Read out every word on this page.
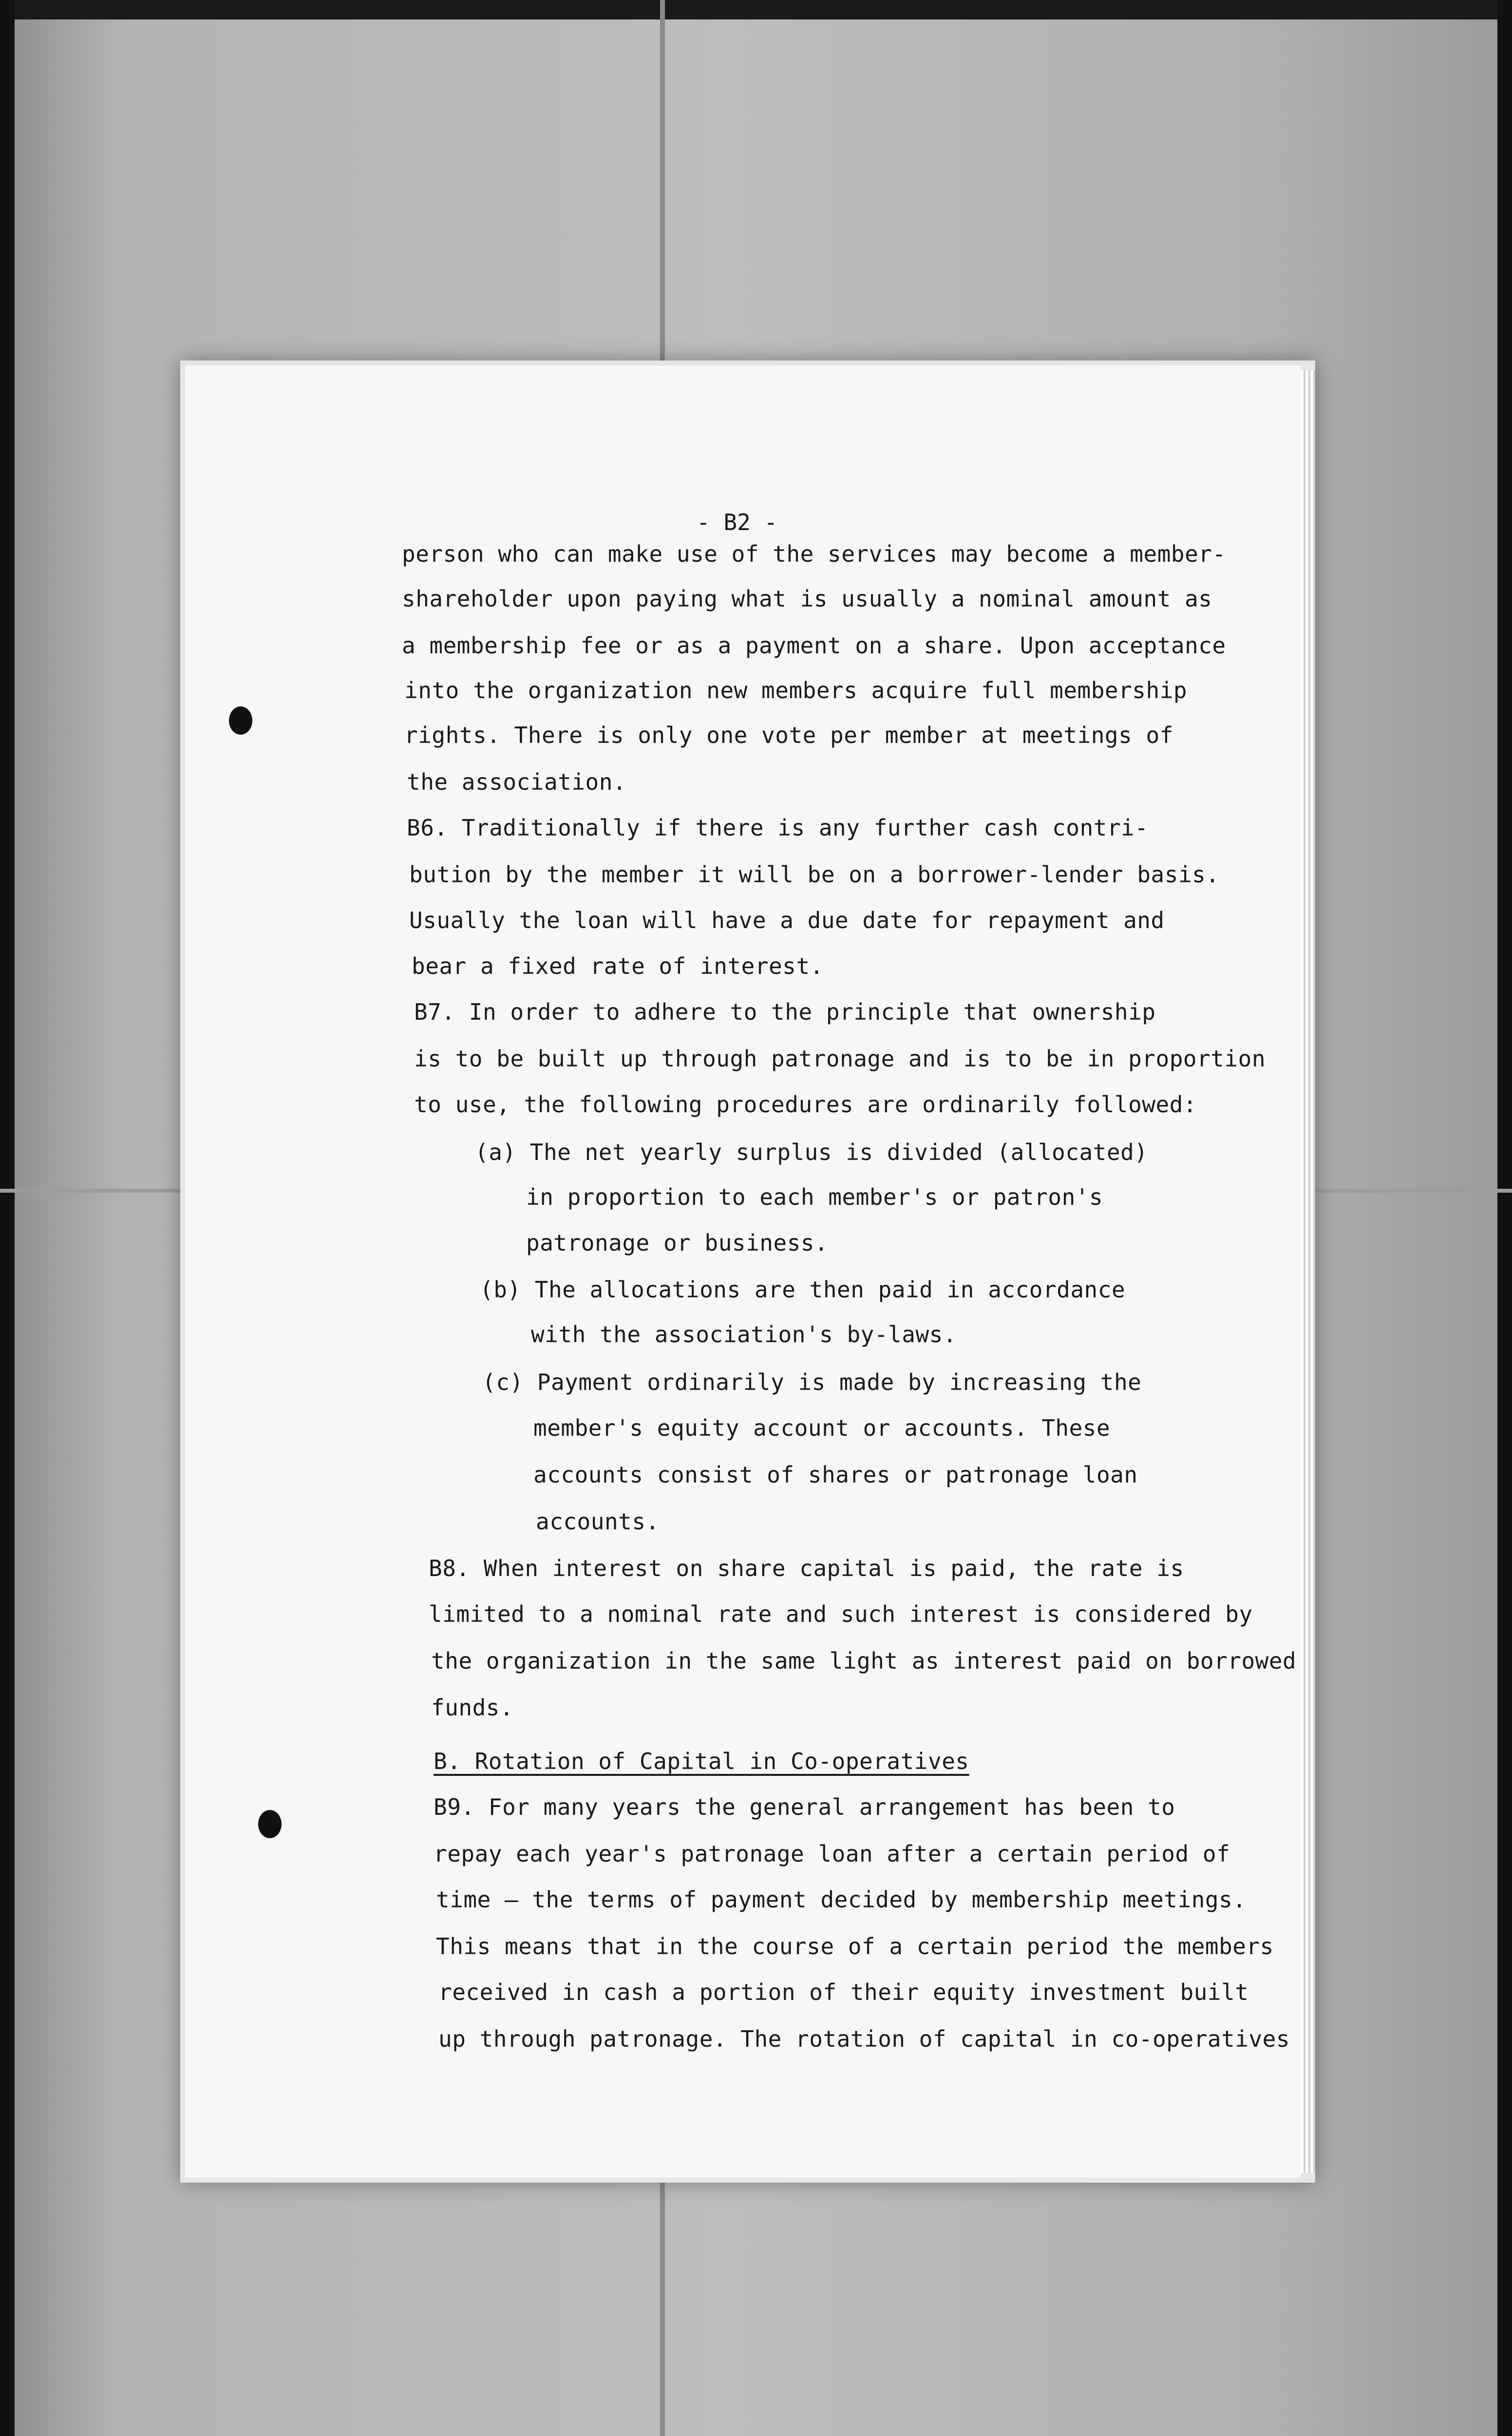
- B2 -
person who can make use of the services may become a member-
shareholder upon paying what is usually a nominal amount as
a membership fee or as a payment on a share. Upon acceptance
into the organization new members acquire full membership
rights. There is only one vote per member at meetings of
the association.
B6. Traditionally if there is any further cash contri-
bution by the member it will be on a borrower-lender basis.
Usually the loan will have a due date for repayment and
bear a fixed rate of interest.
B7. In order to adhere to the principle that ownership
is to be built up through patronage and is to be in proportion
to use, the following procedures are ordinarily followed:
(a) The net yearly surplus is divided (allocated)
in proportion to each member's or patron's
patronage or business.
(b) The allocations are then paid in accordance
with the association's by-laws.
(c) Payment ordinarily is made by increasing the
member's equity account or accounts. These
accounts consist of shares or patronage loan
accounts.
B8. When interest on share capital is paid, the rate is
limited to a nominal rate and such interest is considered by
the organization in the same light as interest paid on borrowed
funds.
B. Rotation of Capital in Co-operatives
B9. For many years the general arrangement has been to
repay each year's patronage loan after a certain period of
time — the terms of payment decided by membership meetings.
This means that in the course of a certain period the members
received in cash a portion of their equity investment built
up through patronage. The rotation of capital in co-operatives
